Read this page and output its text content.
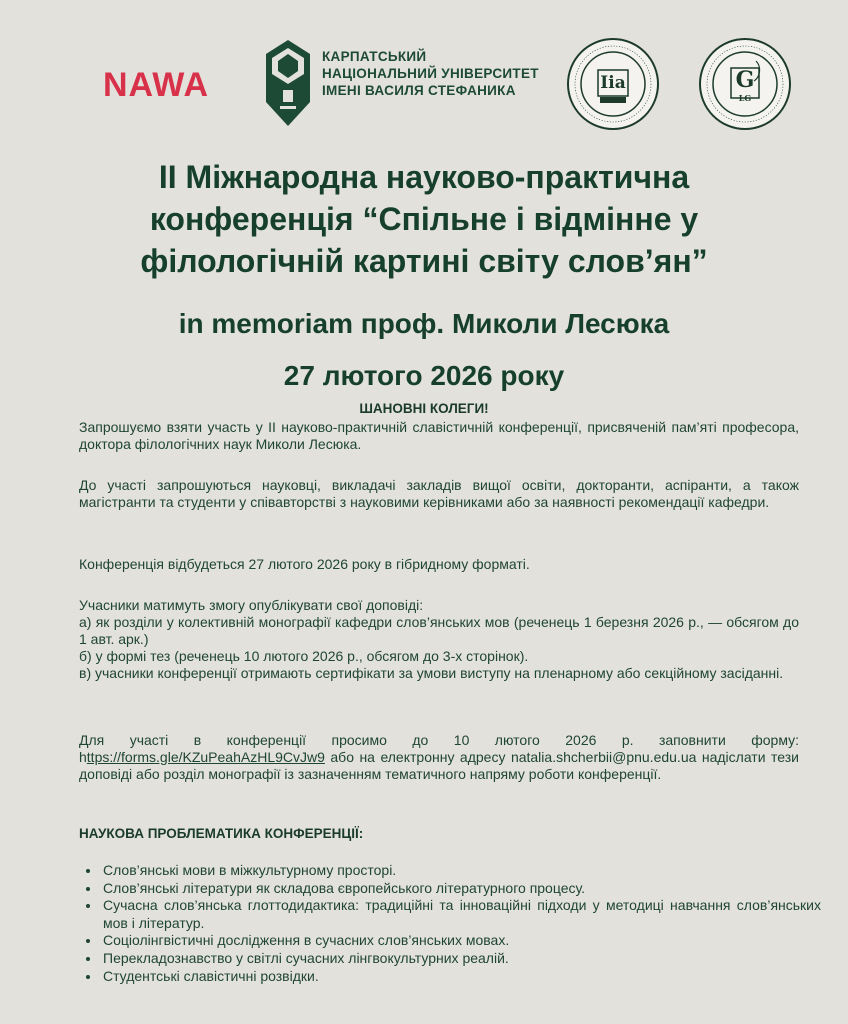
NAWA
КАРПАТСЬКИЙ
НАЦІОНАЛЬНИЙ УНІВЕРСИТЕТ
ІМЕНІ ВАСИЛЯ СТЕФАНИКА	Iia	G
LG
ІІ Міжнародна науково-практична
конференція “Спільне і відмінне у
філологічній картині світу слов’ян”
in memoriam проф. Миколи Лесюка
27 лютого 2026 року
ШАНОВНІ КОЛЕГИ!
Запрошуємо взяти участь у ІІ науково-практичній славістичній конференції, присвяченій пам’яті професора, доктора філологічних наук Миколи Лесюка.
До участі запрошуються науковці, викладачі закладів вищої освіти, докторанти, аспіранти, а також магістранти та студенти у співавторстві з науковими керівниками або за наявності рекомендації кафедри.
Конференція відбудеться 27 лютого 2026 року в гібридному форматі.
Учасники матимуть змогу опублікувати свої доповіді:
а) як розділи у колективній монографії кафедри слов’янських мов (реченець 1 березня 2026 р., — обсягом до 1 авт. арк.)
б) у формі тез (реченець 10 лютого 2026 р., обсягом до 3-х сторінок).
в) учасники конференції отримають сертифікати за умови виступу на пленарному або секційному засіданні.
Для участі в конференції просимо до 10 лютого 2026 р. заповнити форму: https://forms.gle/KZuPeahAzHL9CvJw9 або на електронну адресу natalia.shcherbii@pnu.edu.ua надіслати тези доповіді або розділ монографії із зазначенням тематичного напряму роботи конференції.
НАУКОВА ПРОБЛЕМАТИКА КОНФЕРЕНЦІЇ:
• Слов’янські мови в міжкультурному просторі.
• Слов’янські літератури як складова європейського літературного процесу.
• Сучасна слов’янська глоттодидактика: традиційні та інноваційні підходи у методиці навчання слов’янських мов і літератур.
• Соціолінгвістичні дослідження в сучасних слов’янських мовах.
• Перекладознавство у світлі сучасних лінгвокультурних реалій.
• Студентські славістичні розвідки.
